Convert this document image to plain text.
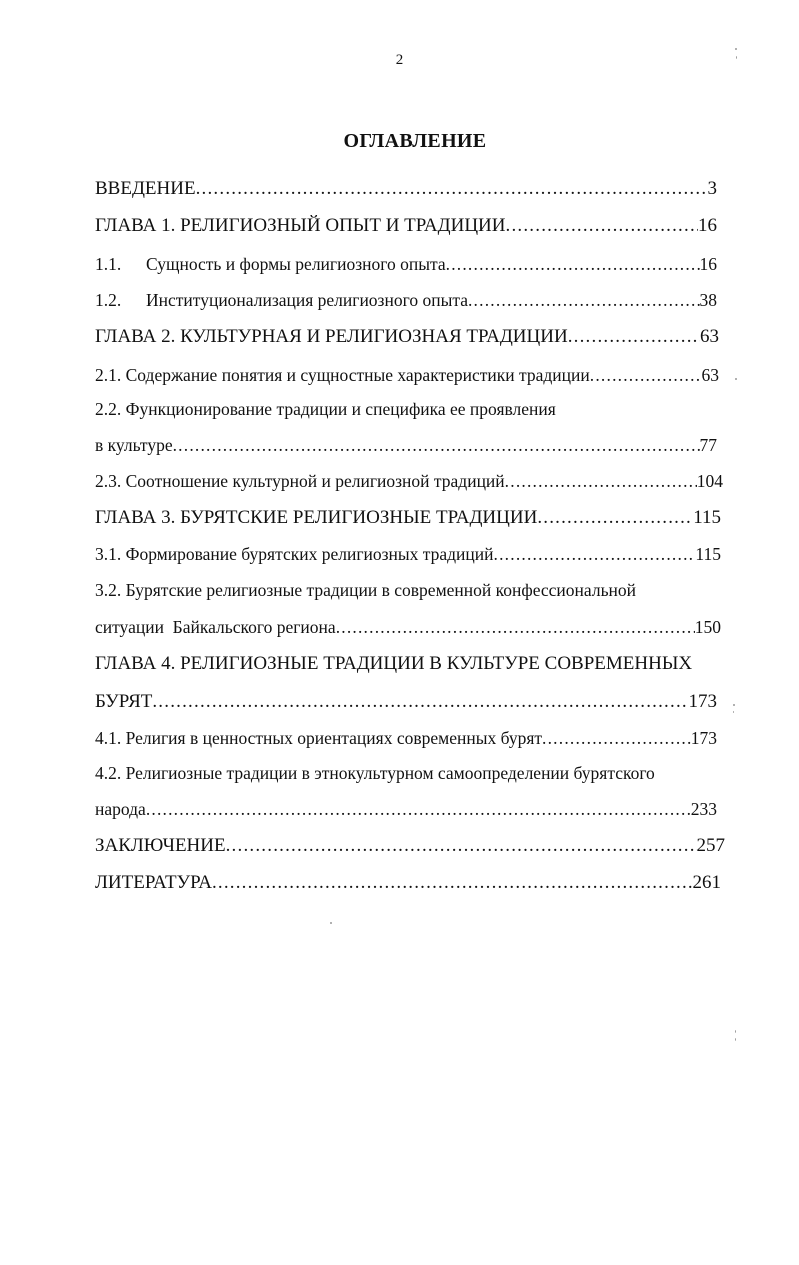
2
ОГЛАВЛЕНИЕ
ВВЕДЕНИЕ .....	3
ГЛАВА 1. РЕЛИГИОЗНЫЙ ОПЫТ И ТРАДИЦИИ .....	16
1.1. Сущность и формы религиозного опыта .....	16
1.2. Институционализация религиозного опыта .....	38
ГЛАВА 2. КУЛЬТУРНАЯ И РЕЛИГИОЗНАЯ ТРАДИЦИИ .....	63
2.1. Содержание понятия и сущностные характеристики традиции .....	63
2.2. Функционирование традиции и специфика ее проявления
в культуре .....	77
2.3. Соотношение культурной и религиозной традиций .....	104
ГЛАВА 3. БУРЯТСКИЕ РЕЛИГИОЗНЫЕ ТРАДИЦИИ .....	115
3.1. Формирование бурятских религиозных традиций .....	115
3.2. Бурятские религиозные традиции в современной конфессиональной
ситуации  Байкальского региона .....	150
ГЛАВА 4. РЕЛИГИОЗНЫЕ ТРАДИЦИИ В КУЛЬТУРЕ СОВРЕМЕННЫХ
БУРЯТ .....	173
4.1. Религия в ценностных ориентациях современных бурят .....	173
4.2. Религиозные традиции в этнокультурном самоопределении бурятского
народа .....	233
ЗАКЛЮЧЕНИЕ .....	257
ЛИТЕРАТУРА .....	261
